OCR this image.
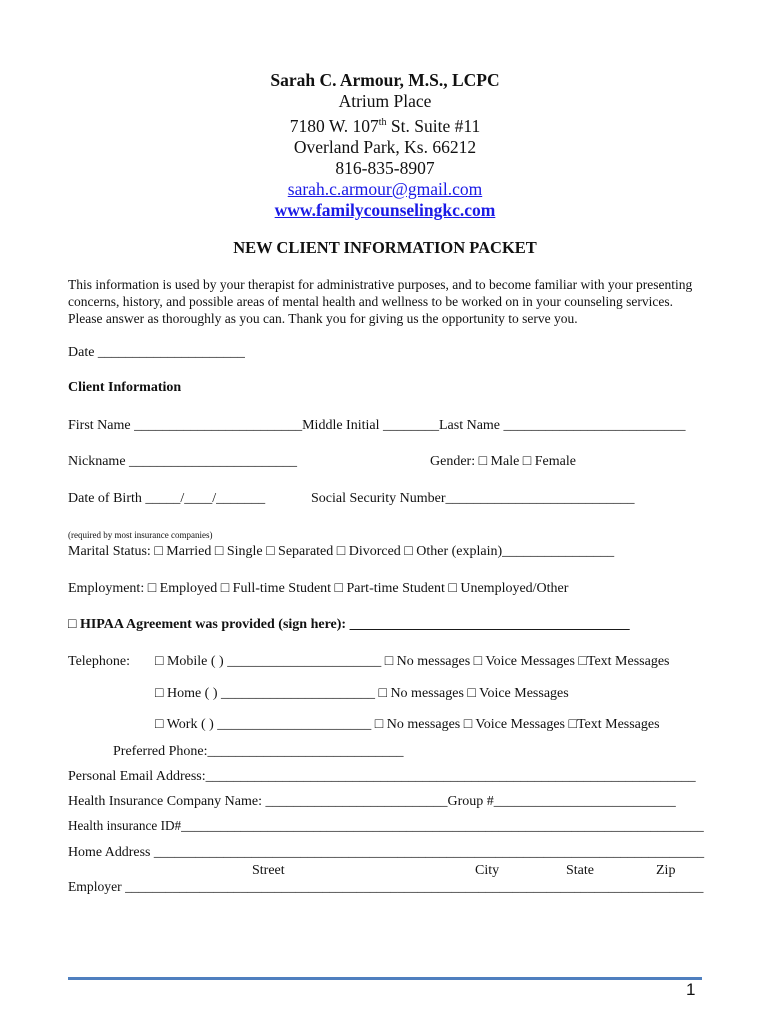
Sarah C. Armour, M.S., LCPC
Atrium Place
7180 W. 107th St. Suite #11
Overland Park, Ks. 66212
816-835-8907
sarah.c.armour@gmail.com
www.familycounselingkc.com
NEW CLIENT INFORMATION PACKET
This information is used by your therapist for administrative purposes, and to become familiar with your presenting concerns, history, and possible areas of mental health and wellness to be worked on in your counseling services. Please answer as thoroughly as you can. Thank you for giving us the opportunity to serve you.
Date _____________________
Client Information
First Name ________________________Middle Initial ________Last Name __________________________
Nickname ________________________	Gender: □ Male □ Female
Date of Birth _____/____/_______	Social Security Number___________________________
(required by most insurance companies)
Marital Status: □ Married □ Single □ Separated □ Divorced □ Other (explain)________________
Employment: □ Employed □ Full-time Student □ Part-time Student □ Unemployed/Other
□ HIPAA Agreement was provided (sign here): ________________________________________
Telephone: □ Mobile ( ) ______________________ □ No messages □ Voice Messages □Text Messages
□ Home ( ) ______________________ □ No messages □ Voice Messages
□ Work ( ) ______________________ □ No messages □ Voice Messages □Text Messages
Preferred Phone:____________________________
Personal Email Address:______________________________________________________________________
Health Insurance Company Name: __________________________Group #__________________________
Health insurance ID#_______________________________________________________________________________
Home Address _______________________________________________________________________________
Street	City	State	Zip
Employer _____________________________________________________________________________________
1
